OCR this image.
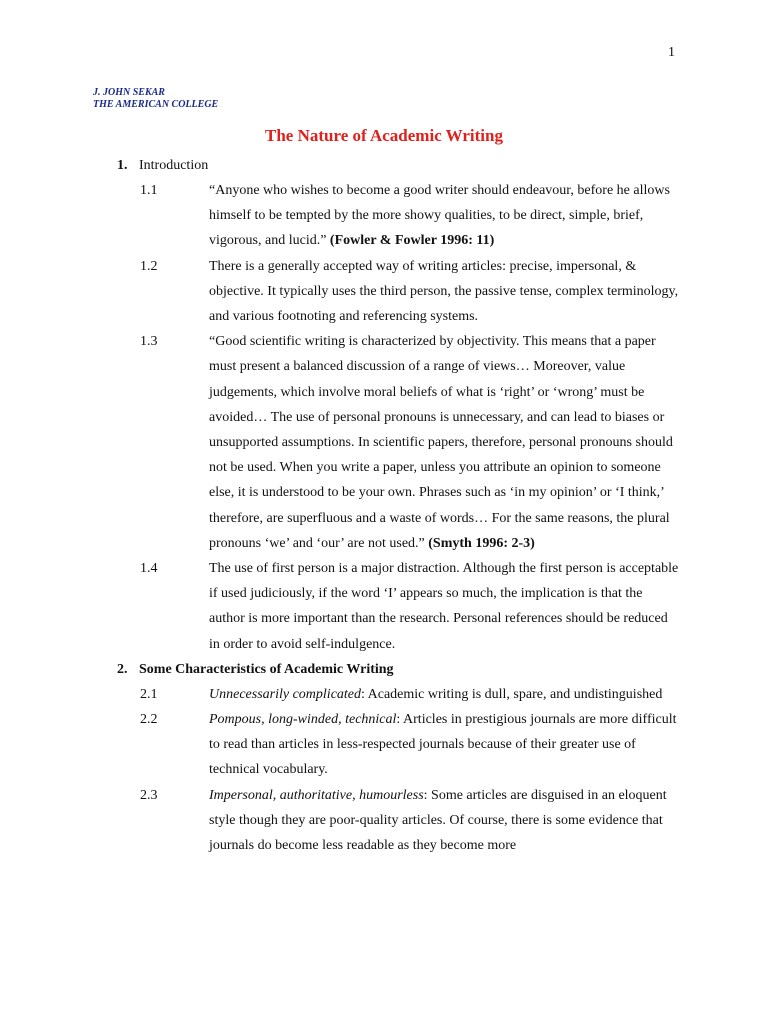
1
J. JOHN SEKAR
THE AMERICAN COLLEGE
The Nature of Academic Writing
1. Introduction
1.1	“Anyone who wishes to become a good writer should endeavour, before he allows himself to be tempted by the more showy qualities, to be direct, simple, brief, vigorous, and lucid.” (Fowler & Fowler 1996: 11)
1.2	There is a generally accepted way of writing articles: precise, impersonal, & objective. It typically uses the third person, the passive tense, complex terminology, and various footnoting and referencing systems.
1.3	“Good scientific writing is characterized by objectivity. This means that a paper must present a balanced discussion of a range of views… Moreover, value judgements, which involve moral beliefs of what is ‘right’ or ‘wrong’ must be avoided… The use of personal pronouns is unnecessary, and can lead to biases or unsupported assumptions. In scientific papers, therefore, personal pronouns should not be used. When you write a paper, unless you attribute an opinion to someone else, it is understood to be your own. Phrases such as ‘in my opinion’ or ‘I think,’ therefore, are superfluous and a waste of words… For the same reasons, the plural pronouns ‘we’ and ‘our’ are not used.” (Smyth 1996: 2-3)
1.4	The use of first person is a major distraction. Although the first person is acceptable if used judiciously, if the word ‘I’ appears so much, the implication is that the author is more important than the research. Personal references should be reduced in order to avoid self-indulgence.
2. Some Characteristics of Academic Writing
2.1	Unnecessarily complicated: Academic writing is dull, spare, and undistinguished
2.2	Pompous, long-winded, technical: Articles in prestigious journals are more difficult to read than articles in less-respected journals because of their greater use of technical vocabulary.
2.3	Impersonal, authoritative, humourless: Some articles are disguised in an eloquent style though they are poor-quality articles. Of course, there is some evidence that journals do become less readable as they become more
